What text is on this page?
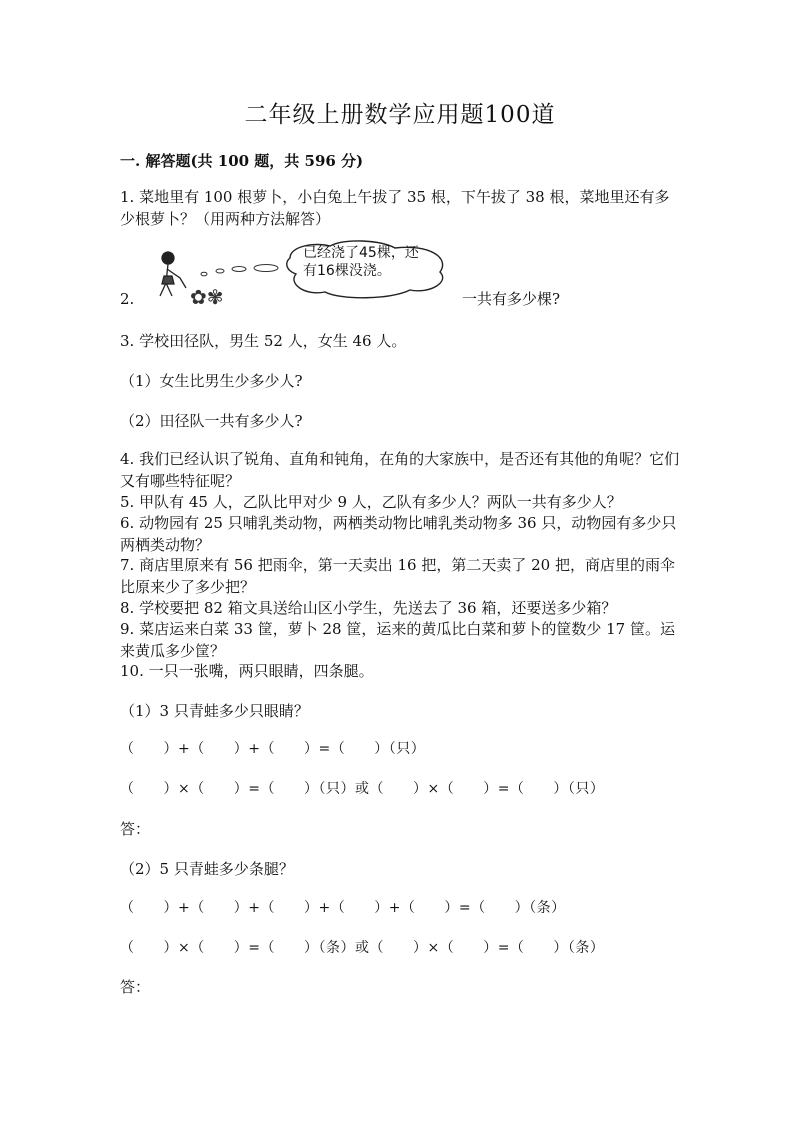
二年级上册数学应用题100道
一. 解答题(共 100 题，共 596 分)
1. 菜地里有 100 根萝卜，小白兔上午拔了 35 根，下午拔了 38 根，菜地里还有多少根萝卜？（用两种方法解答）
✿✾
已经浇了45棵，还
有16棵没浇。
2.	一共有多少棵?
3. 学校田径队，男生 52 人，女生 46 人。
（1）女生比男生少多少人?
（2）田径队一共有多少人?
4. 我们已经认识了锐角、直角和钝角，在角的大家族中，是否还有其他的角呢？它们又有哪些特征呢？
5. 甲队有 45 人，乙队比甲对少 9 人，乙队有多少人？两队一共有多少人？
6. 动物园有 25 只哺乳类动物，两栖类动物比哺乳类动物多 36 只，动物园有多少只两栖类动物？
7. 商店里原来有 56 把雨伞，第一天卖出 16 把，第二天卖了 20 把，商店里的雨伞比原来少了多少把？
8. 学校要把 82 箱文具送给山区小学生，先送去了 36 箱，还要送多少箱？
9. 菜店运来白菜 33 筐，萝卜 28 筐，运来的黄瓜比白菜和萝卜的筐数少 17 筐。运来黄瓜多少筐？
10. 一只一张嘴，两只眼睛，四条腿。
（1）3 只青蛙多少只眼睛？
（　　）+（　　）+（　　）=（　　）（只）
（　　）×（　　）=（　　）（只）或（　　）×（　　）=（　　）（只）
答：
（2）5 只青蛙多少条腿？
（　　）+（　　）+（　　）+（　　）+（　　）=（　　）（条）
（　　）×（　　）=（　　）（条）或（　　）×（　　）=（　　）（条）
答：
